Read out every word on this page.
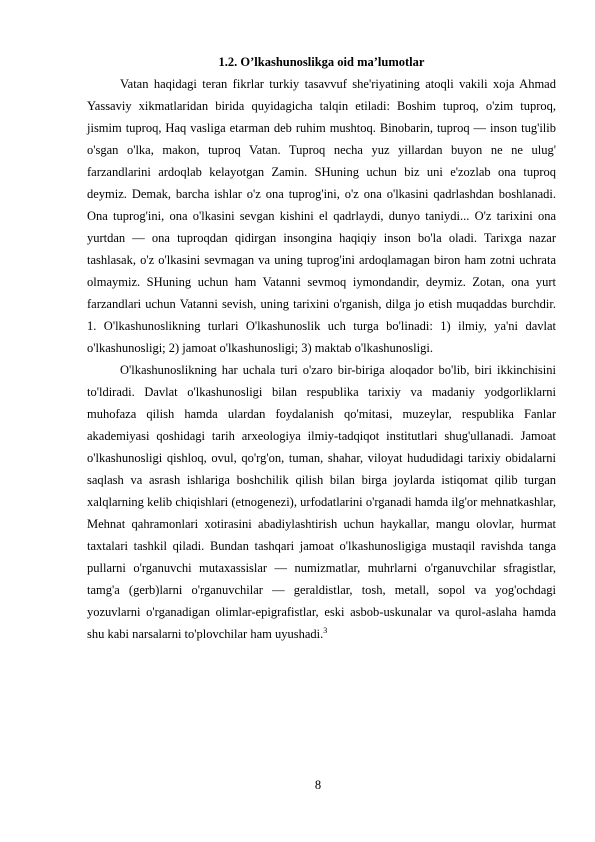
1.2. O’lkashunoslikga oid ma’lumotlar

Vatan haqidagi teran fikrlar turkiy tasavvuf she'riyatining atoqli vakili xoja Ahmad Yassaviy xikmatlaridan birida quyidagicha talqin etiladi: Boshim tuproq, o'zim tuproq, jismim tuproq, Haq vasliga etarman deb ruhim mushtoq. Binobarin, tuproq — inson tug'ilib o'sgan o'lka, makon, tuproq Vatan. Tuproq necha yuz yillardan buyon ne ne ulug' farzandlarini ardoqlab kelayotgan Zamin. SHuning uchun biz uni e'zozlab ona tuproq deymiz. Demak, barcha ishlar o'z ona tuprog'ini, o'z ona o'lkasini qadrlashdan boshlanadi. Ona tuprog'ini, ona o'lkasini sevgan kishini el qadrlaydi, dunyo taniydi... O'z tarixini ona yurtdan — ona tuproqdan qidirgan insongina haqiqiy inson bo'la oladi. Tarixga nazar tashlasak, o'z o'lkasini sevmagan va uning tuprog'ini ardoqlamagan biron ham zotni uchrata olmaymiz. SHuning uchun ham Vatanni sevmoq iymondandir, deymiz. Zotan, ona yurt farzandlari uchun Vatanni sevish, uning tarixini o'rganish, dilga jo etish muqaddas burchdir. 1. O'lkashunoslikning turlari O'lkashunoslik uch turga bo'linadi: 1) ilmiy, ya'ni davlat o'lkashunosligi; 2) jamoat o'lkashunosligi; 3) maktab o'lkashunosligi.

O'lkashunoslikning har uchala turi o'zaro bir-biriga aloqador bo'lib, biri ikkinchisini to'ldiradi. Davlat o'lkashunosligi bilan respublika tarixiy va madaniy yodgorliklarni muhofaza qilish hamda ulardan foydalanish qo'mitasi, muzeylar, respublika Fanlar akademiyasi qoshidagi tarih arxeologiya ilmiy-tadqiqot institutlari shug'ullanadi. Jamoat o'lkashunosligi qishloq, ovul, qo'rg'on, tuman, shahar, viloyat hududidagi tarixiy obidalarni saqlash va asrash ishlariga boshchilik qilish bilan birga joylarda istiqomat qilib turgan xalqlarning kelib chiqishlari (etnogenezi), urfodatlarini o'rganadi hamda ilg'or mehnatkashlar, Mehnat qahramonlari xotirasini abadiylashtirish uchun haykallar, mangu olovlar, hurmat taxtalari tashkil qiladi. Bundan tashqari jamoat o'lkashunosligiga mustaqil ravishda tanga pullarni o'rganuvchi mutaxassislar — numizmatlar, muhrlarni o'rganuvchilar sfragistlar, tamg'a (gerb)larni o'rganuvchilar — geraldistlar, tosh, metall, sopol va yog'ochdagi yozuvlarni o'rganadigan olimlar-epigrafistlar, eski asbob-uskunalar va qurol-aslaha hamda shu kabi narsalarni to'plovchilar ham uyushadi.$^3$

8
